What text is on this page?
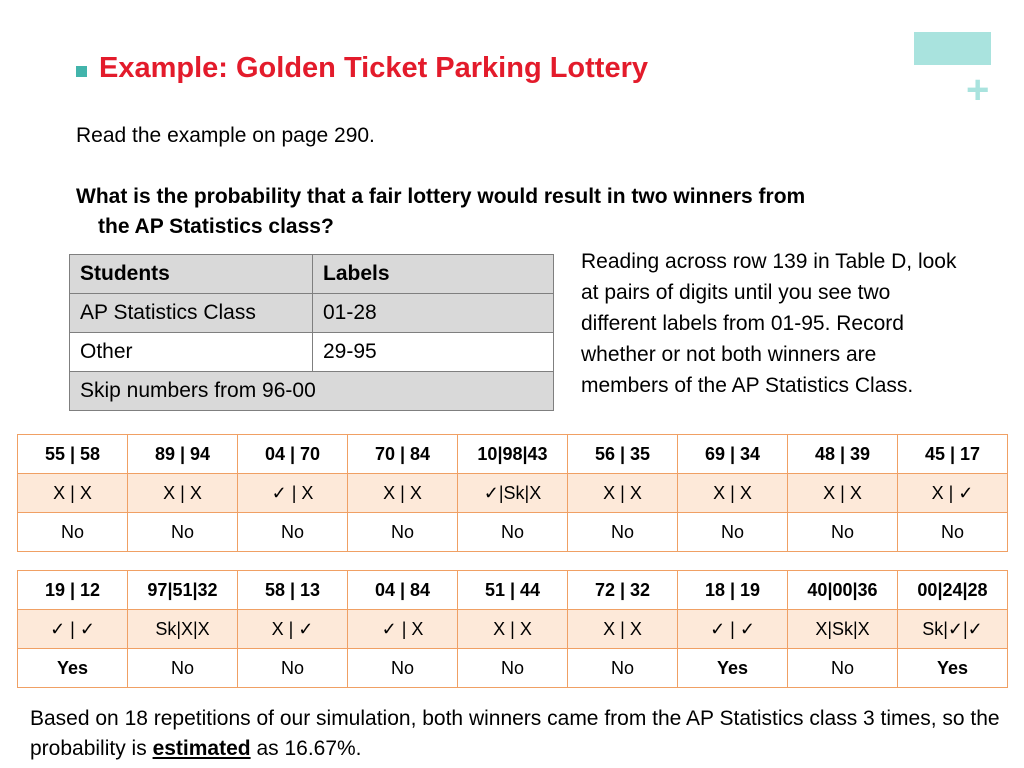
+
Example: Golden Ticket Parking Lottery
Read the example on page 290.
What is the probability that a fair lottery would result in two winners from the AP Statistics class?
Reading across row 139 in Table D, look at pairs of digits until you see two different labels from 01-95. Record whether or not both winners are members of the AP Statistics Class.
Students	Labels
AP Statistics Class	01-28
Other	29-95
Skip numbers from 96-00	
55 | 58	89 | 94	04 | 70	70 | 84	10|98|43	56 | 35	69 | 34	48 | 39	45 | 17
X | X	X | X	✓ | X	X | X	✓|Sk|X	X | X	X | X	X | X	X | ✓
No	No	No	No	No	No	No	No	No
19 | 12	97|51|32	58 | 13	04 | 84	51 | 44	72 | 32	18 | 19	40|00|36	00|24|28
✓ | ✓	Sk|X|X	X | ✓	✓ | X	X | X	X | X	✓ | ✓	X|Sk|X	Sk|✓|✓
Yes	No	No	No	No	No	Yes	No	Yes
Based on 18 repetitions of our simulation, both winners came from the AP Statistics class 3 times, so the probability is estimated as 16.67%.
